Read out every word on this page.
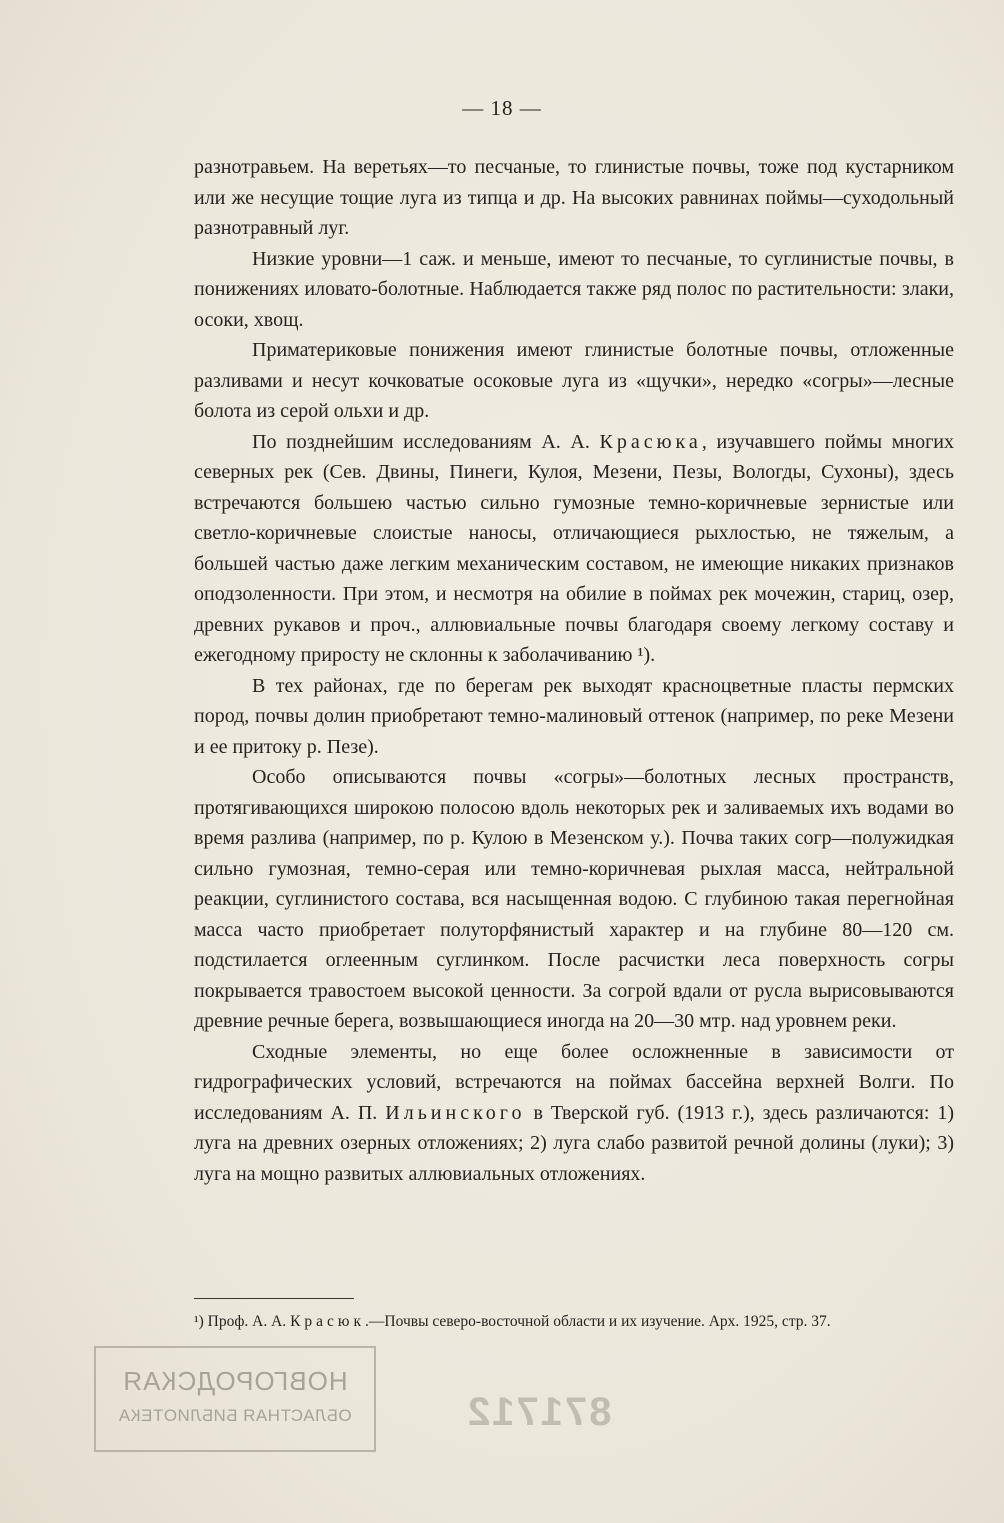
— 18 —

разнотравьем. На веретьях—то песчаные, то глинистые почвы, тоже под кустарником или же несущие тощие луга из типца и др. На высоких равнинах поймы—суходольный разнотравный луг.

Низкие уровни—1 саж. и меньше, имеют то песчаные, то суглинистые почвы, в понижениях иловато-болотные. Наблюдается также ряд полос по растительности: злаки, осоки, хвощ.

Приматериковые понижения имеют глинистые болотные почвы, отложенные разливами и несут кочковатые осоковые луга из «щучки», нередко «согры»—лесные болота из серой ольхи и др.

По позднейшим исследованиям А. А. Красюка, изучавшего поймы многих северных рек (Сев. Двины, Пинеги, Кулоя, Мезени, Пезы, Вологды, Сухоны), здесь встречаются большею частью сильно гумозные темно-коричневые зернистые или светло-коричневые слоистые наносы, отличающиеся рыхлостью, не тяжелым, а большей частью даже легким механическим составом, не имеющие никаких признаков оподзоленности. При этом, и несмотря на обилие в поймах рек мочежин, стариц, озер, древних рукавов и проч., аллювиальные почвы благодаря своему легкому составу и ежегодному приросту не склонны к заболачиванию ¹).

В тех районах, где по берегам рек выходят красноцветные пласты пермских пород, почвы долин приобретают темно-малиновый оттенок (например, по реке Мезени и ее притоку р. Пезе).

Особо описываются почвы «согры»—болотных лесных пространств, протягивающихся широкою полосою вдоль некоторых рек и заливаемых ихъ водами во время разлива (например, по р. Кулою в Мезенском у.). Почва таких согр—полужидкая сильно гумозная, темно-серая или темно-коричневая рыхлая масса, нейтральной реакции, суглинистого состава, вся насыщенная водою. С глубиною такая перегнойная масса часто приобретает полуторфянистый характер и на глубине 80—120 см. подстилается оглеенным суглинком. После расчистки леса поверхность согры покрывается травостоем высокой ценности. За согрой вдали от русла вырисовываются древние речные берега, возвышающиеся иногда на 20—30 мтр. над уровнем реки.

Сходные элементы, но еще более осложненные в зависимости от гидрографических условий, встречаются на поймах бассейна верхней Волги. По исследованиям А. П. Ильинского в Тверской губ. (1913 г.), здесь различаются: 1) луга на древних озерных отложениях; 2) луга слабо развитой речной долины (луки); 3) луга на мощно развитых аллювиальных отложениях.

¹) Проф. А. А. Красюк.—Почвы северо-восточной области и их изучение. Арх. 1925, стр. 37.
НОВГОРОДСКАЯ
ОБЛАСТНАЯ БИБЛИОТЕКА	871712
